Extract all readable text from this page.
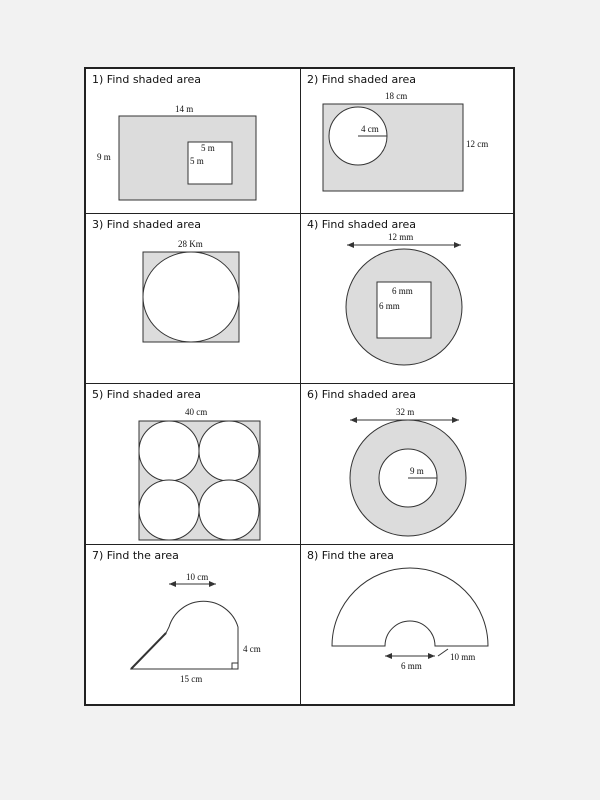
1) Find shaded area
14 m
9 m
5 m
5 m
2) Find shaded area
18 cm
12 cm
4 cm
3) Find shaded area
28 Km
4) Find shaded area
12 mm
6 mm
6 mm
5) Find shaded area
40 cm
6) Find shaded area
32 m
9 m
7) Find the area
10 cm
4 cm
15 cm
8) Find the area
6 mm
10 mm
